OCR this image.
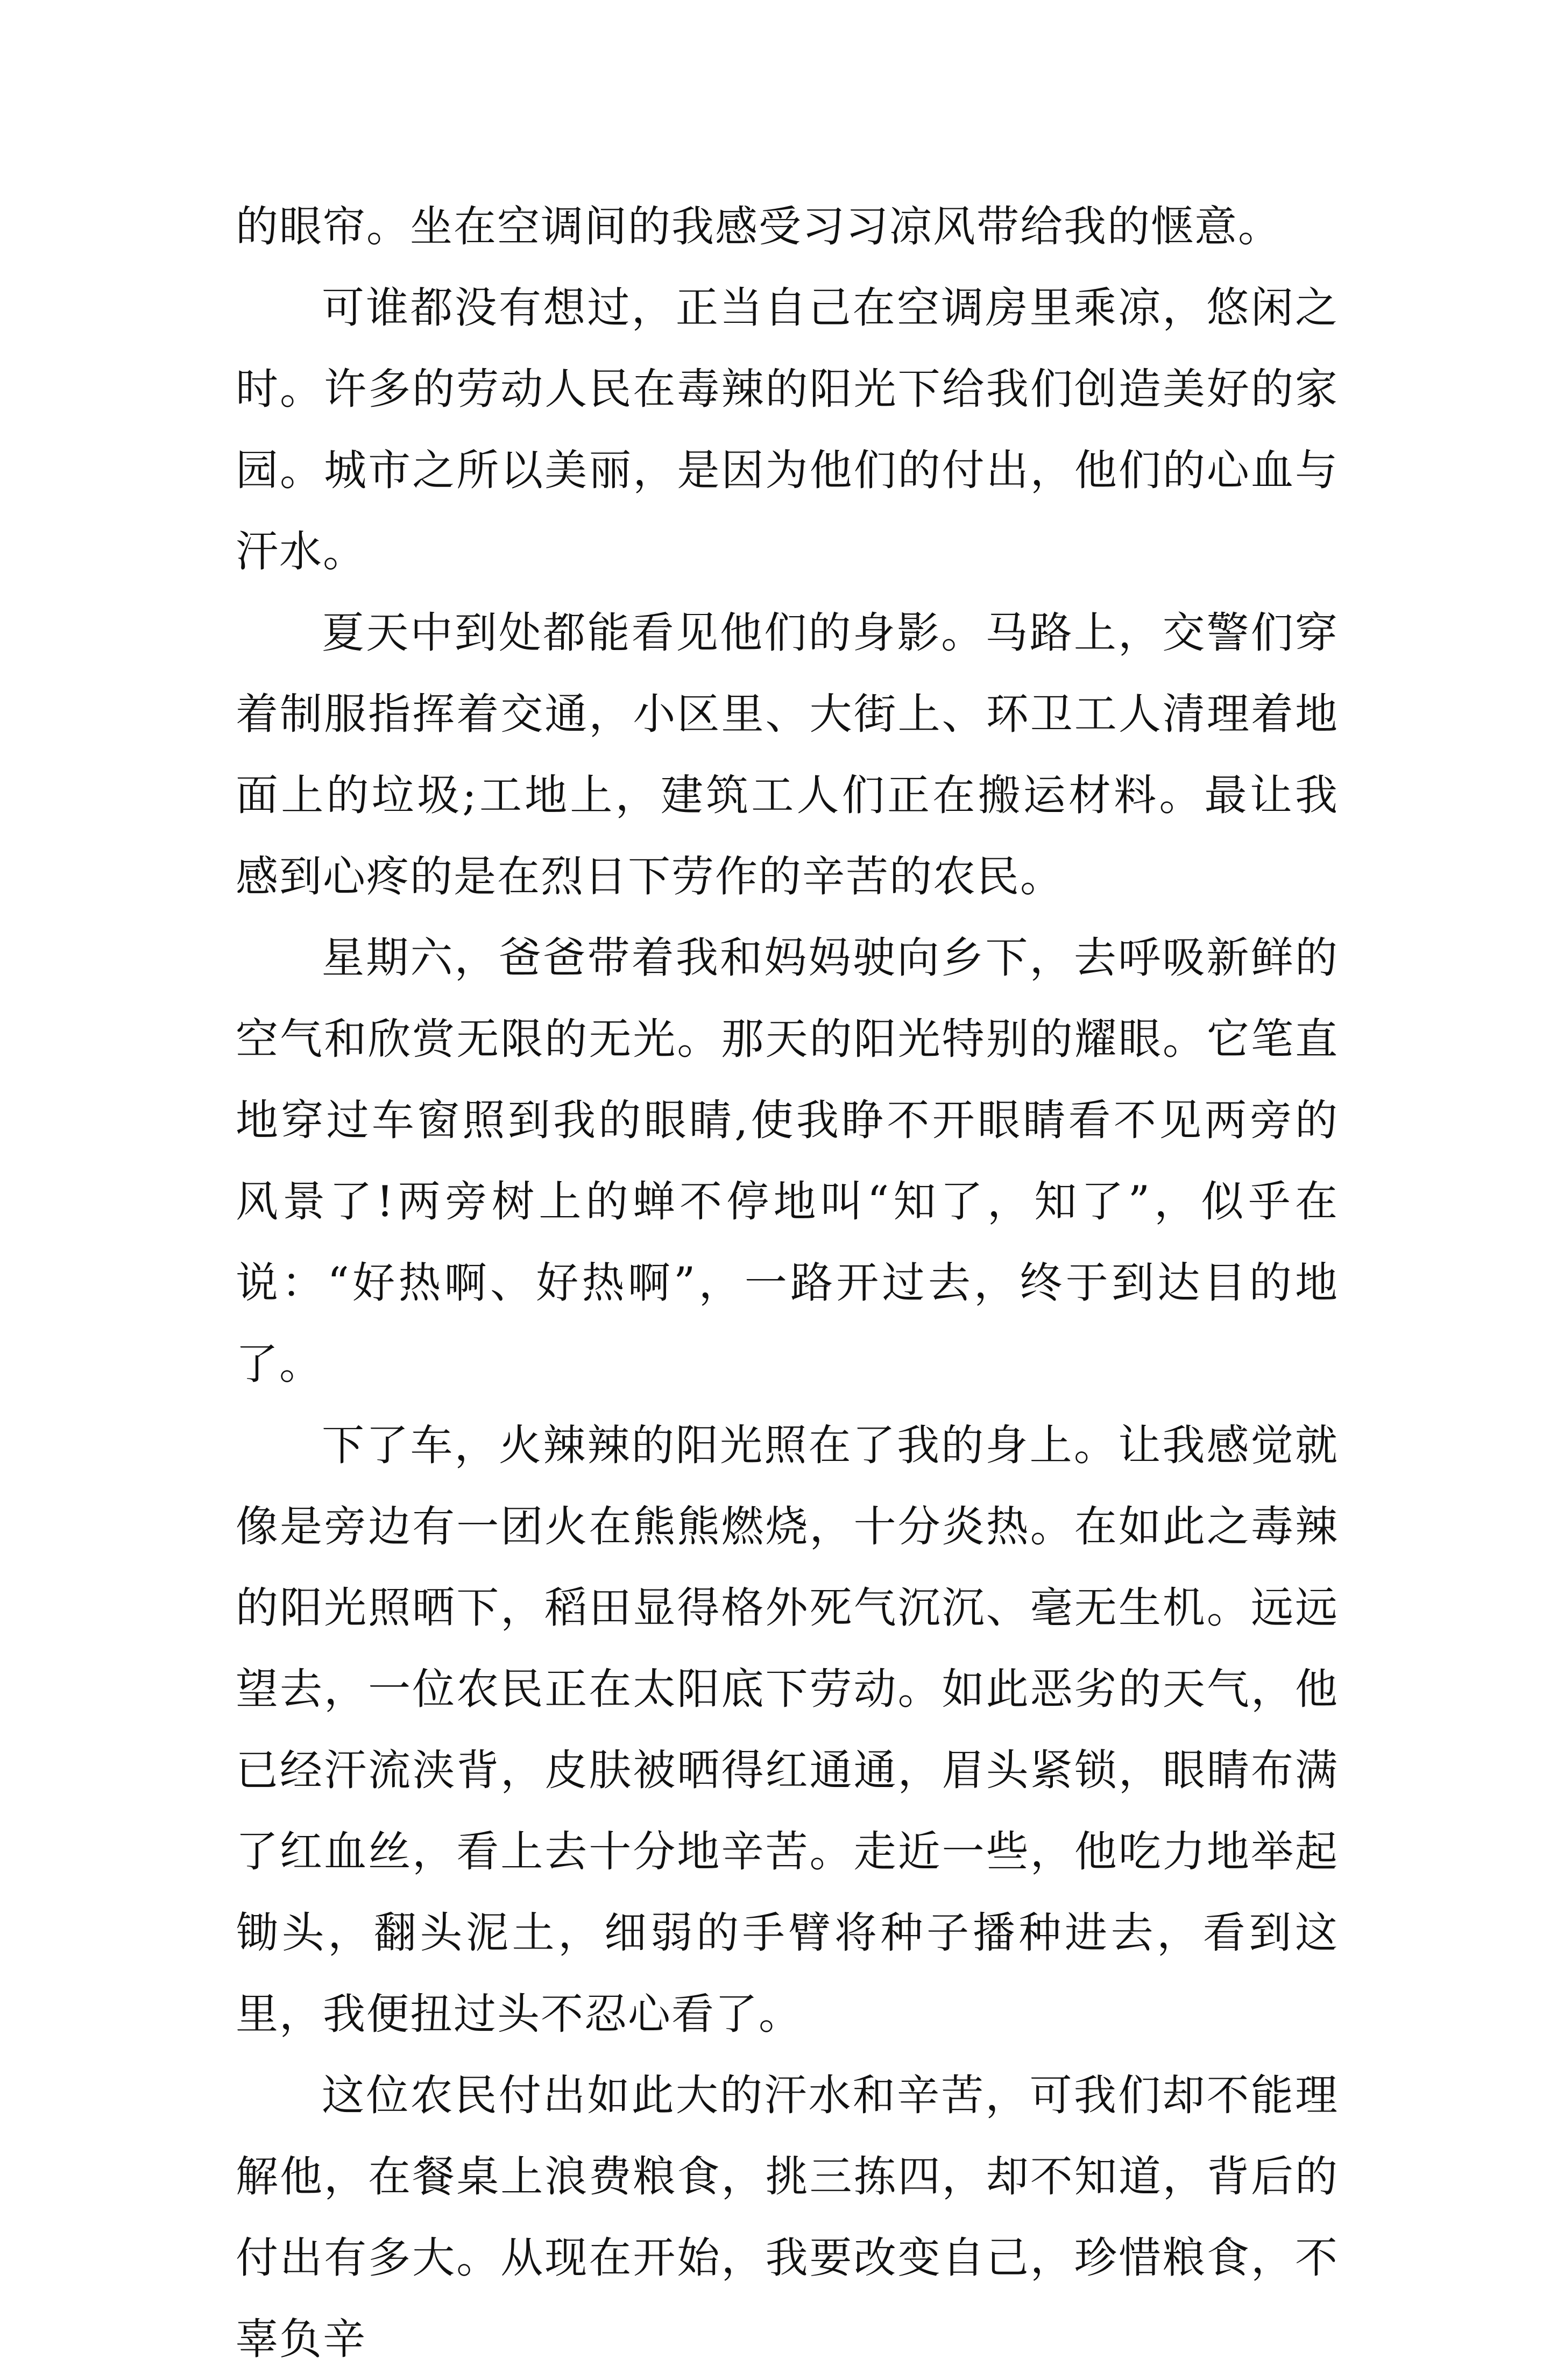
的眼帘。坐在空调间的我感受习习凉风带给我的惬意。

可谁都没有想过，正当自己在空调房里乘凉，悠闲之时。许多的劳动人民在毒辣的阳光下给我们创造美好的家园。城市之所以美丽，是因为他们的付出，他们的心血与汗水。

夏天中到处都能看见他们的身影。马路上，交警们穿着制服指挥着交通，小区里、大街上、环卫工人清理着地面上的垃圾;工地上，建筑工人们正在搬运材料。最让我感到心疼的是在烈日下劳作的辛苦的农民。

星期六，爸爸带着我和妈妈驶向乡下，去呼吸新鲜的空气和欣赏无限的无光。那天的阳光特别的耀眼。它笔直地穿过车窗照到我的眼睛,使我睁不开眼睛看不见两旁的风景了!两旁树上的蝉不停地叫“知了，知了”，似乎在说：“好热啊、好热啊”，一路开过去，终于到达目的地了。

下了车，火辣辣的阳光照在了我的身上。让我感觉就像是旁边有一团火在熊熊燃烧，十分炎热。在如此之毒辣的阳光照晒下，稻田显得格外死气沉沉、毫无生机。远远望去，一位农民正在太阳底下劳动。如此恶劣的天气，他已经汗流浃背，皮肤被晒得红通通，眉头紧锁，眼睛布满了红血丝，看上去十分地辛苦。走近一些，他吃力地举起锄头，翻头泥土，细弱的手臂将种子播种进去，看到这里，我便扭过头不忍心看了。

这位农民付出如此大的汗水和辛苦，可我们却不能理解他，在餐桌上浪费粮食，挑三拣四，却不知道，背后的付出有多大。从现在开始，我要改变自己，珍惜粮食，不辜负辛
